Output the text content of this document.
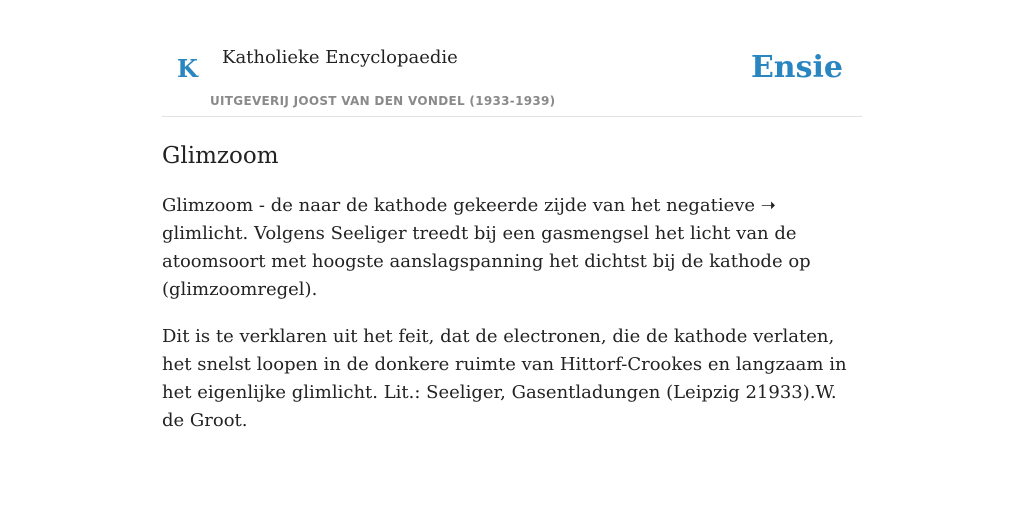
K Katholieke Encyclopaedie
UITGEVERIJ JOOST VAN DEN VONDEL (1933-1939)
Ensie
Glimzoom

Glimzoom - de naar de kathode gekeerde zijde van het negatieve ➝ glimlicht. Volgens Seeliger treedt bij een gasmengsel het licht van de atoomsoort met hoogste aanslagspanning het dichtst bij de kathode op (glimzoomregel).

Dit is te verklaren uit het feit, dat de electronen, die de kathode verlaten, het snelst loopen in de donkere ruimte van Hittorf-Crookes en langzaam in het eigenlijke glimlicht. Lit.: Seeliger, Gasentladungen (Leipzig 21933).W. de Groot.
